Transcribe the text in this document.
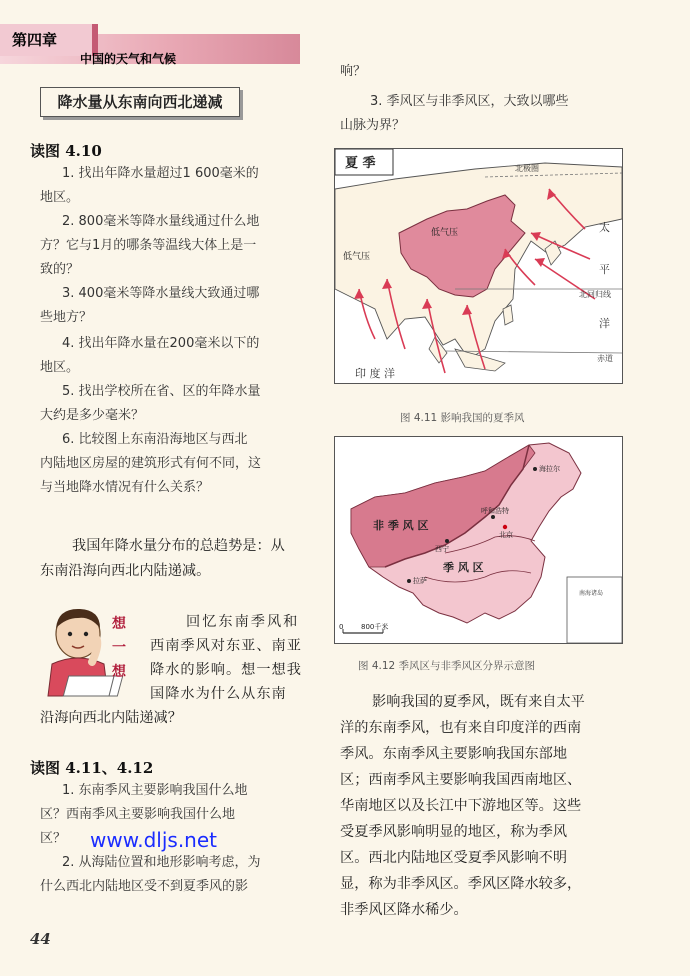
第四章
中国的天气和气候
降水量从东南向西北递减
读图 4.10
1. 找出年降水量超过1 600毫米的
地区。
2. 800毫米等降水量线通过什么地
方？它与1月的哪条等温线大体上是一
致的？
3. 400毫米等降水量线大致通过哪
些地方？
4. 找出年降水量在200毫米以下的
地区。
5. 找出学校所在省、区的年降水量
大约是多少毫米？
6. 比较图上东南沿海地区与西北
内陆地区房屋的建筑形式有何不同，这
与当地降水情况有什么关系？
我国年降水量分布的总趋势是：从
东南沿海向西北内陆递减。
想
一
想
回忆东南季风和
西南季风对东亚、南亚
降水的影响。想一想我
国降水为什么从东南
沿海向西北内陆递减？
读图 4.11、4.12
1. 东南季风主要影响我国什么地
区？西南季风主要影响我国什么地
区？
2. 从海陆位置和地形影响考虑，为
什么西北内陆地区受不到夏季风的影
www.dljs.net
44
响？
3. 季风区与非季风区，大致以哪些
山脉为界？
夏 季	北极圈
太
平
洋
北回归线
赤道
印 度 洋
低气压
低气压
图 4.11 影响我国的夏季风
非 季 风 区
季 风 区
海拉尔
呼和浩特
北京
西宁
拉萨
0	800千米
南海诸岛
图 4.12 季风区与非季风区分界示意图
影响我国的夏季风，既有来自太平
洋的东南季风，也有来自印度洋的西南
季风。东南季风主要影响我国东部地
区；西南季风主要影响我国西南地区、
华南地区以及长江中下游地区等。这些
受夏季风影响明显的地区，称为季风
区。西北内陆地区受夏季风影响不明
显，称为非季风区。季风区降水较多，
非季风区降水稀少。
